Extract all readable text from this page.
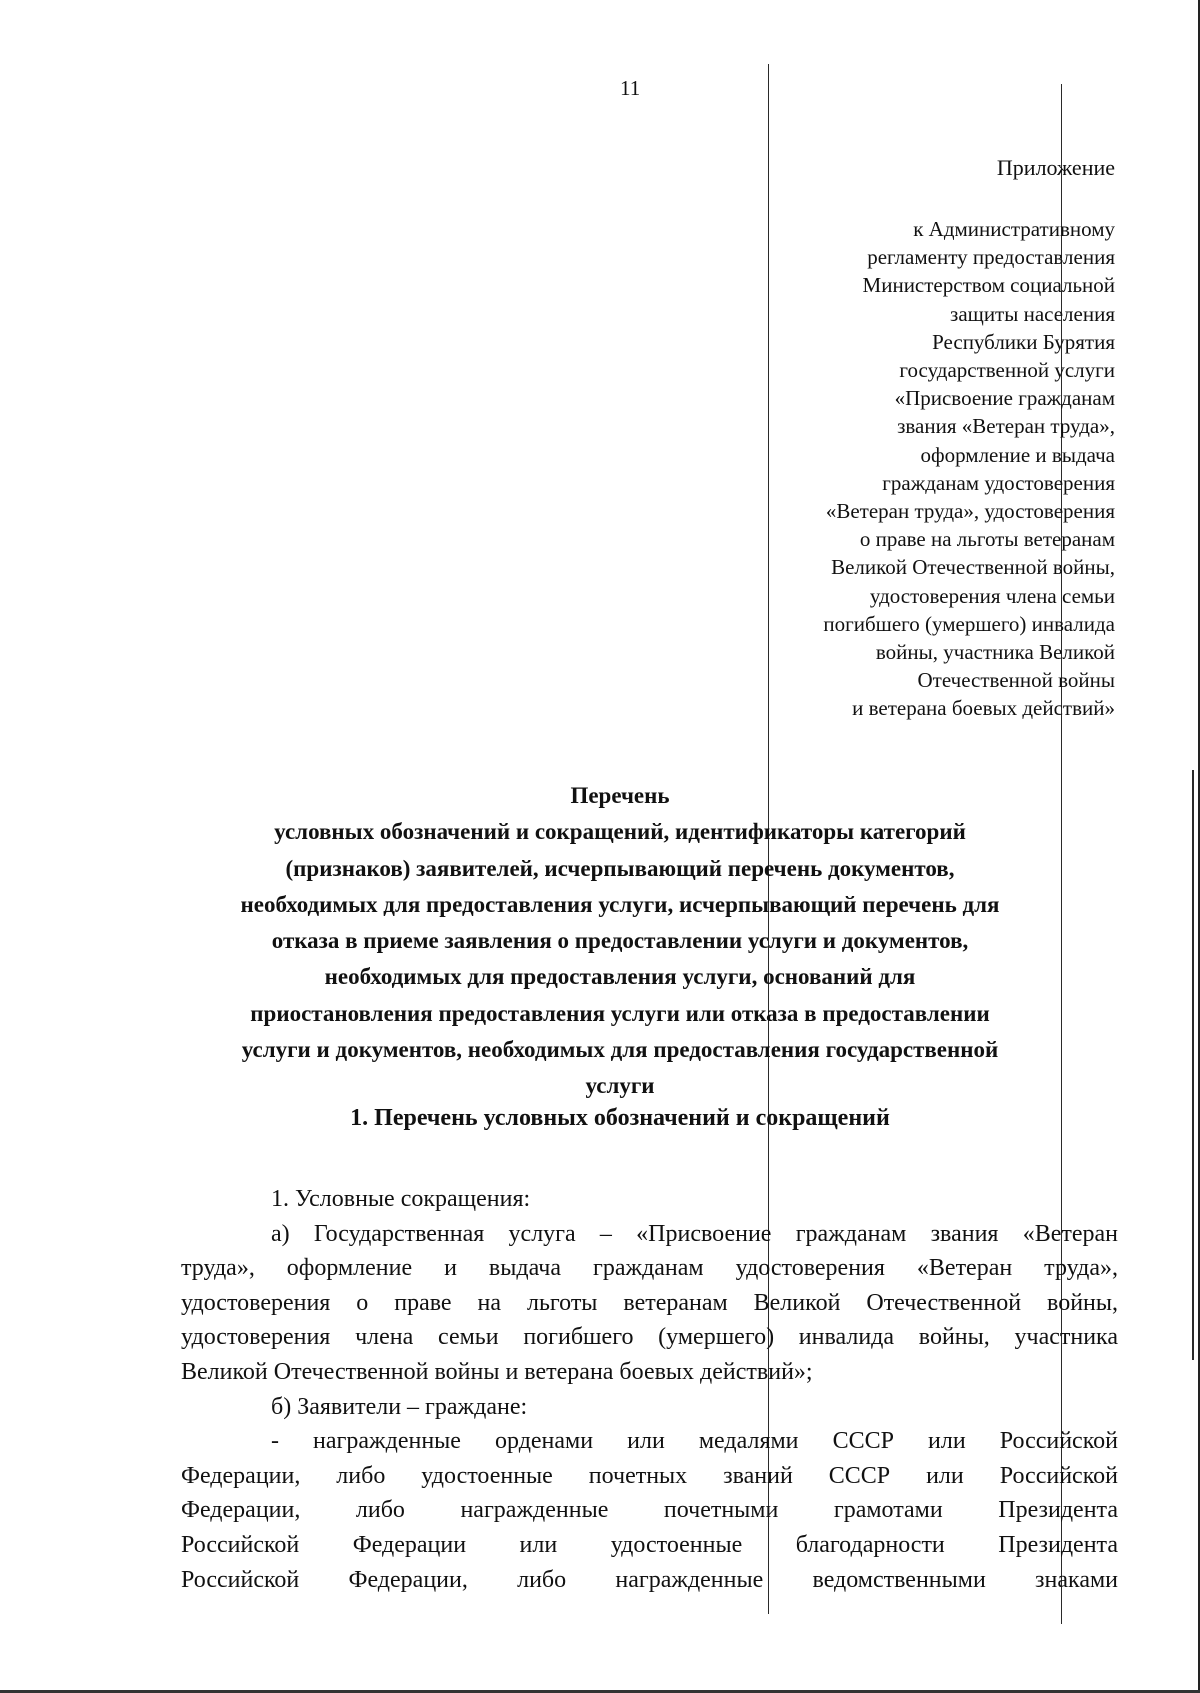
11

Приложение

к Административному

регламенту предоставления

Министерством социальной

защиты населения

Республики Бурятия

государственной услуги

«Присвоение гражданам

звания «Ветеран труда»,

оформление и выдача

гражданам удостоверения

«Ветеран труда», удостоверения

о праве на льготы ветеранам

Великой Отечественной войны,

удостоверения члена семьи

погибшего (умершего) инвалида

войны, участника Великой

Отечественной войны

и ветерана боевых действий»

Перечень

условных обозначений и сокращений, идентификаторы категорий

(признаков) заявителей, исчерпывающий перечень документов,

необходимых для предоставления услуги, исчерпывающий перечень для

отказа в приеме заявления о предоставлении услуги и документов,

необходимых для предоставления услуги, оснований для

приостановления предоставления услуги или отказа в предоставлении

услуги и документов, необходимых для предоставления государственной

услуги

1. Перечень условных обозначений и сокращений

1. Условные сокращения:

а) Государственная услуга – «Присвоение гражданам звания «Ветеран

труда», оформление и выдача гражданам удостоверения «Ветеран труда»,

удостоверения о праве на льготы ветеранам Великой Отечественной войны,

удостоверения члена семьи погибшего (умершего) инвалида войны, участника

Великой Отечественной войны и ветерана боевых действий»;

б) Заявители – граждане:

- награжденные орденами или медалями СССР или Российской

Федерации, либо удостоенные почетных званий СССР или Российской

Федерации, либо награжденные почетными грамотами Президента

Российской Федерации или удостоенные благодарности Президента

Российской Федерации, либо награжденные ведомственными знаками
